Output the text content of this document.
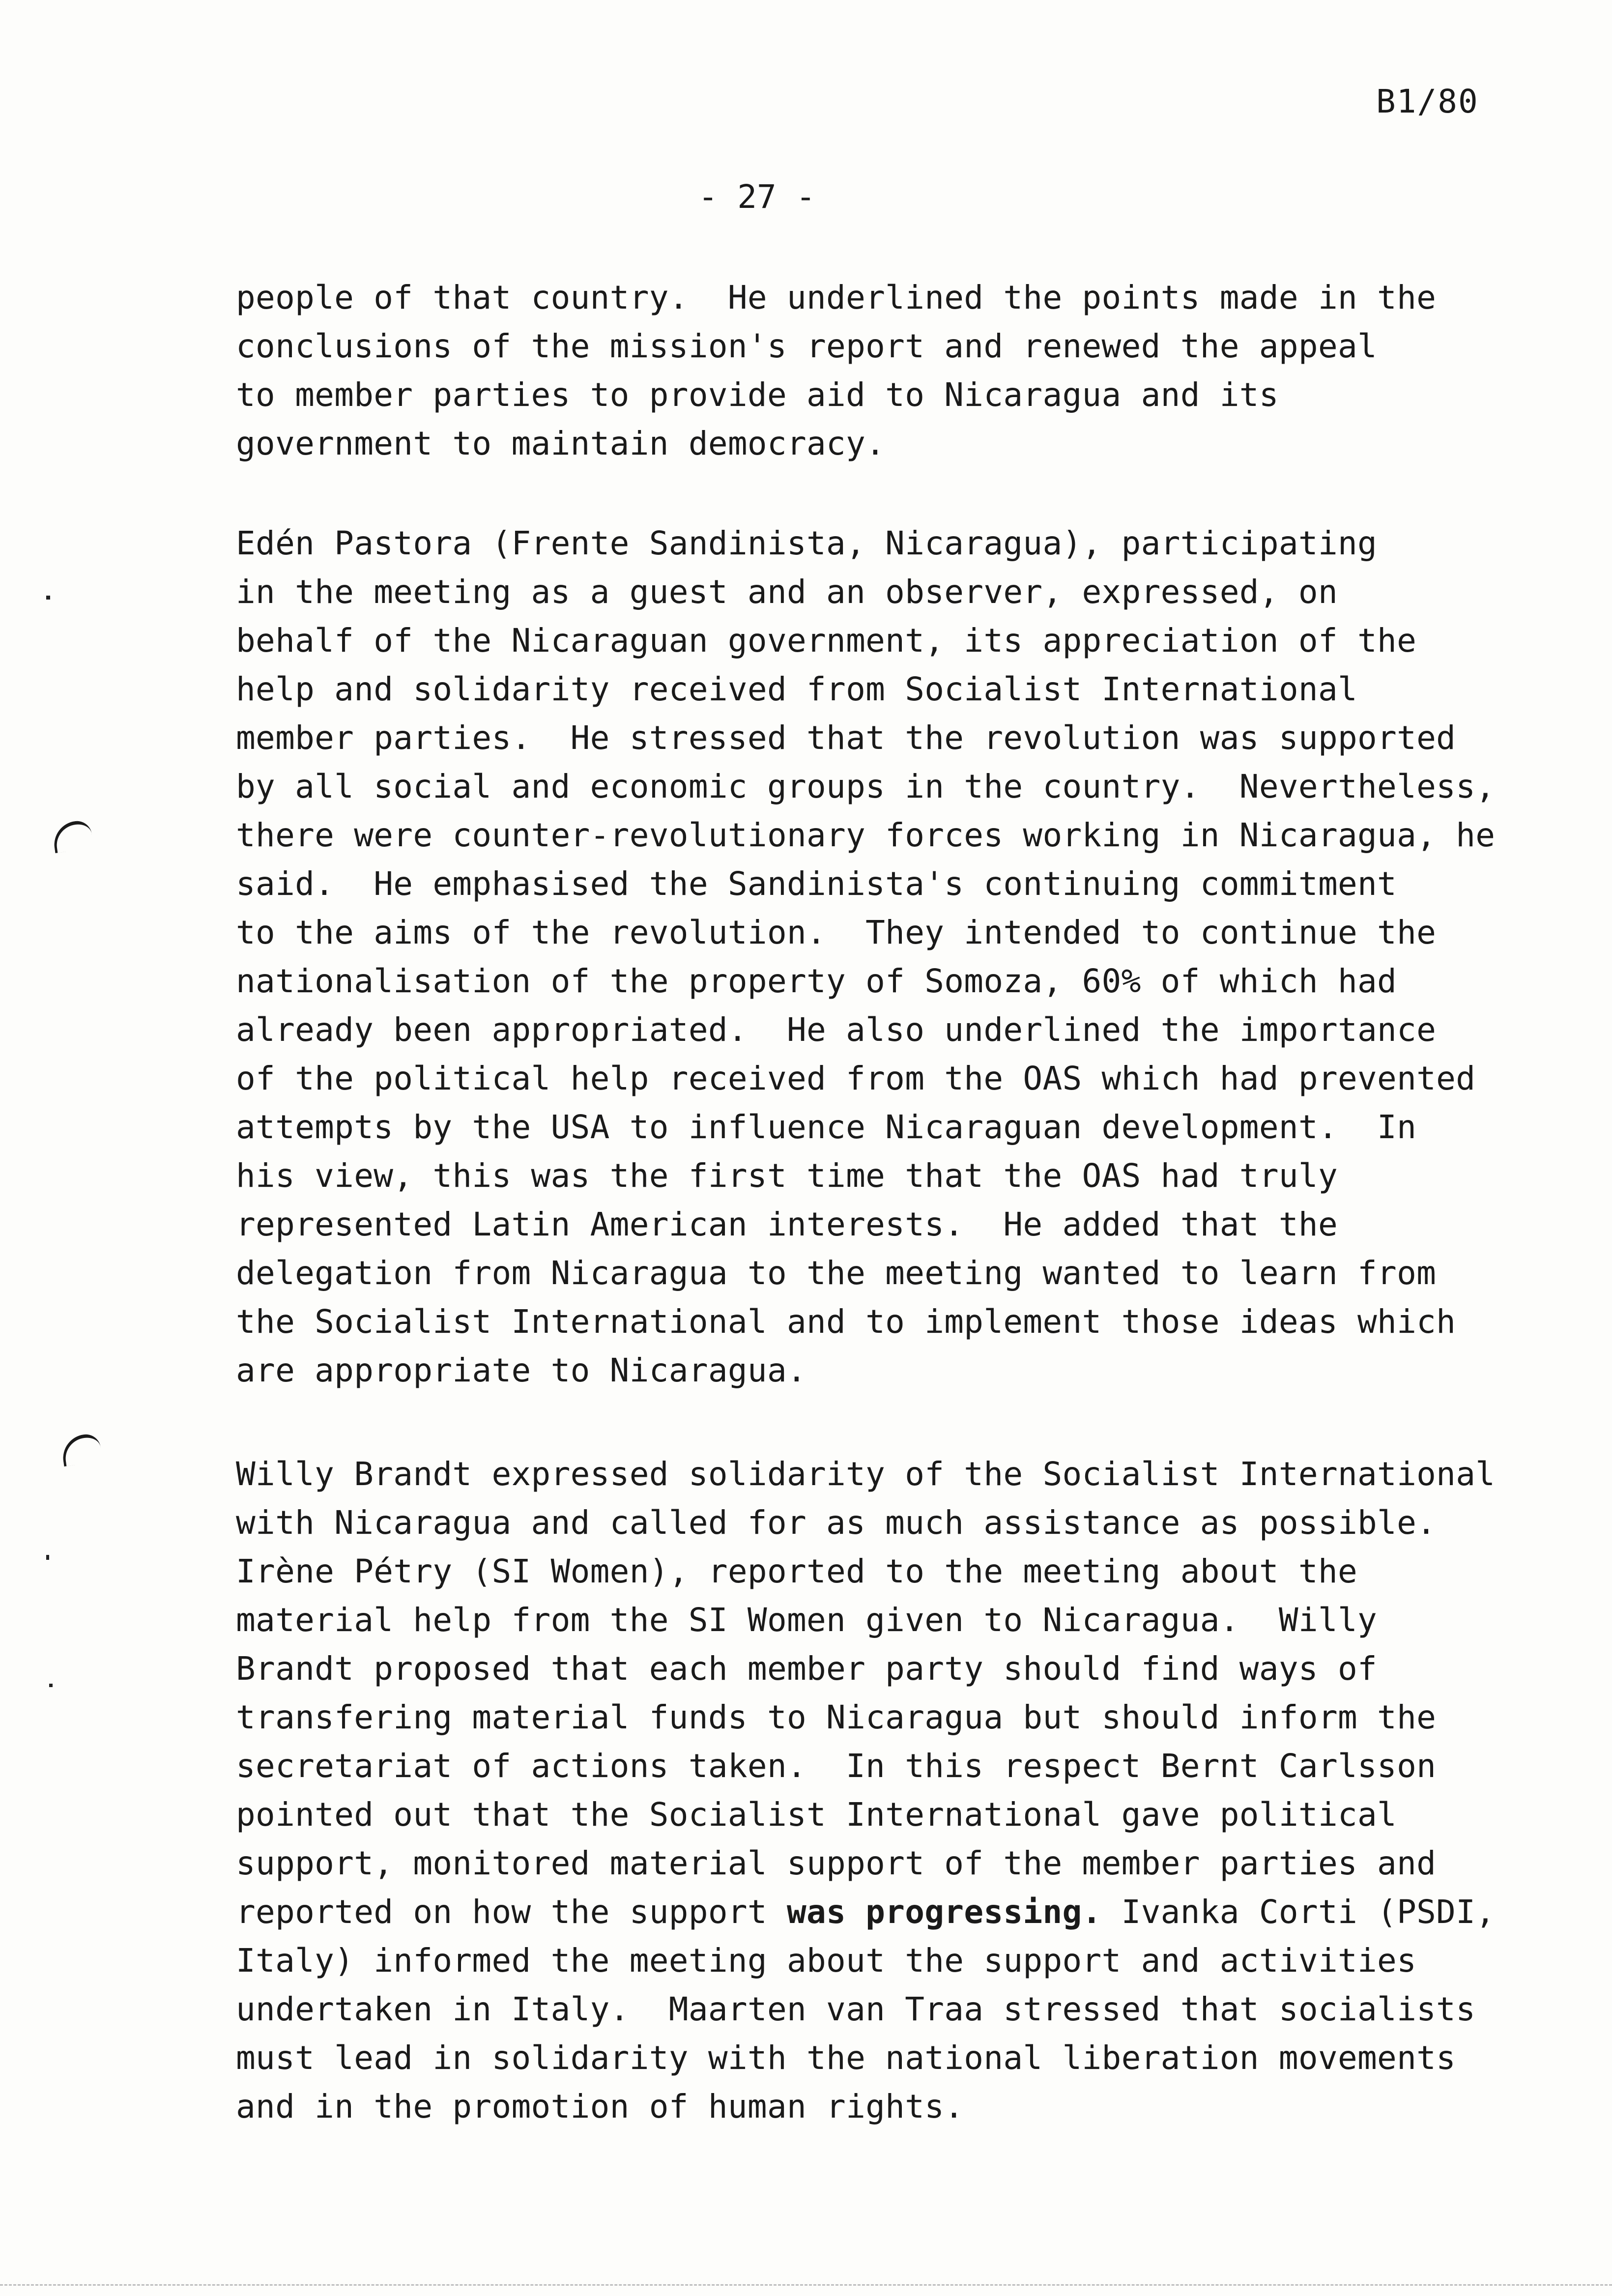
B1/80
- 27 -
people of that country.  He underlined the points made in the
conclusions of the mission's report and renewed the appeal
to member parties to provide aid to Nicaragua and its
government to maintain democracy.
Edén Pastora (Frente Sandinista, Nicaragua), participating
in the meeting as a guest and an observer, expressed, on
behalf of the Nicaraguan government, its appreciation of the
help and solidarity received from Socialist International
member parties.  He stressed that the revolution was supported
by all social and economic groups in the country.  Nevertheless,
there were counter-revolutionary forces working in Nicaragua, he
said.  He emphasised the Sandinista's continuing commitment
to the aims of the revolution.  They intended to continue the
nationalisation of the property of Somoza, 60% of which had
already been appropriated.  He also underlined the importance
of the political help received from the OAS which had prevented
attempts by the USA to influence Nicaraguan development.  In
his view, this was the first time that the OAS had truly
represented Latin American interests.  He added that the
delegation from Nicaragua to the meeting wanted to learn from
the Socialist International and to implement those ideas which
are appropriate to Nicaragua.
Willy Brandt expressed solidarity of the Socialist International
with Nicaragua and called for as much assistance as possible.
Irène Pétry (SI Women), reported to the meeting about the
material help from the SI Women given to Nicaragua.  Willy
Brandt proposed that each member party should find ways of
transfering material funds to Nicaragua but should inform the
secretariat of actions taken.  In this respect Bernt Carlsson
pointed out that the Socialist International gave political
support, monitored material support of the member parties and
reported on how the support was progressing. Ivanka Corti (PSDI,
Italy) informed the meeting about the support and activities
undertaken in Italy.  Maarten van Traa stressed that socialists
must lead in solidarity with the national liberation movements
and in the promotion of human rights.
